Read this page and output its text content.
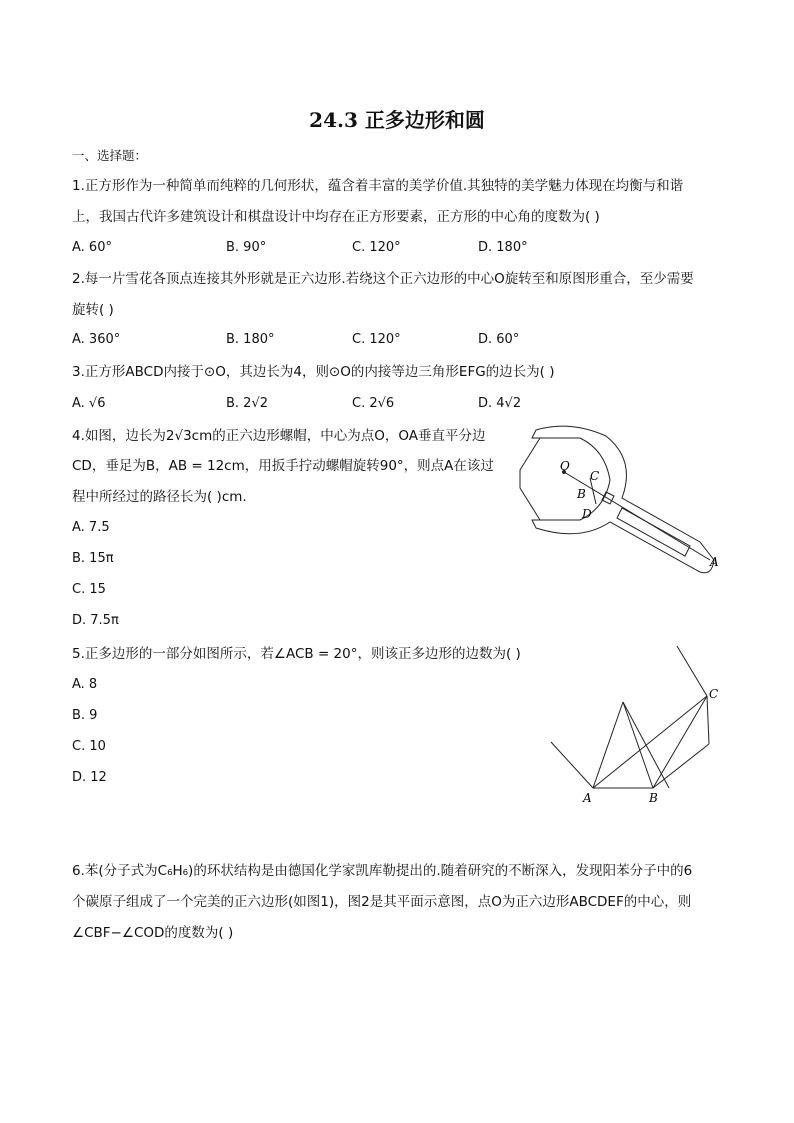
24.3 正多边形和圆
一、选择题：
1.正方形作为一种简单而纯粹的几何形状，蕴含着丰富的美学价值.其独特的美学魅力体现在均衡与和谐
上，我国古代许多建筑设计和棋盘设计中均存在正方形要素，正方形的中心角的度数为( )
A. 60°	B. 90°	C. 120°	D. 180°
2.每一片雪花各顶点连接其外形就是正六边形.若绕这个正六边形的中心O旋转至和原图形重合，至少需要
旋转( )
A. 360°	B. 180°	C. 120°	D. 60°
3.正方形ABCD内接于⊙O，其边长为4，则⊙O的内接等边三角形EFG的边长为( )
A. √6	B. 2√2	C. 2√6	D. 4√2
4.如图，边长为2√3cm的正六边形螺帽，中心为点O，OA垂直平分边
CD，垂足为B，AB = 12cm，用扳手拧动螺帽旋转90°，则点A在该过
程中所经过的路径长为( )cm.
A. 7.5
B. 15π
C. 15
D. 7.5π
O
C
B
D
A
5.正多边形的一部分如图所示，若∠ACB = 20°，则该正多边形的边数为( )
A. 8
B. 9
C. 10
D. 12
C
A	B
6.苯(分子式为C₆H₆)的环状结构是由德国化学家凯库勒提出的.随着研究的不断深入，发现阳苯分子中的6
个碳原子组成了一个完美的正六边形(如图1)，图2是其平面示意图，点O为正六边形ABCDEF的中心，则
∠CBF−∠COD的度数为( )
